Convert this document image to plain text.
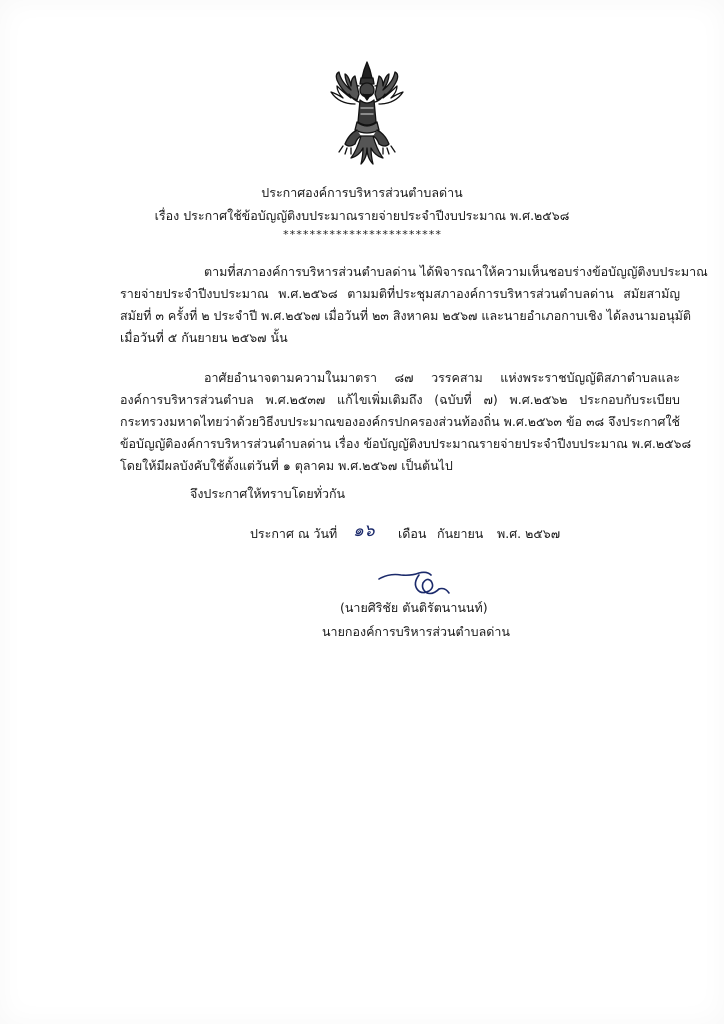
ประกาศองค์การบริหารส่วนตำบลด่าน
เรื่อง ประกาศใช้ข้อบัญญัติงบประมาณรายจ่ายประจำปีงบประมาณ พ.ศ.๒๕๖๘
************************
ตามที่สภาองค์การบริหารส่วนตำบลด่าน ได้พิจารณาให้ความเห็นชอบร่างข้อบัญญัติงบประมาณ
รายจ่ายประจำปีงบประมาณ พ.ศ.๒๕๖๘ ตามมติที่ประชุมสภาองค์การบริหารส่วนตำบลด่าน สมัยสามัญ
สมัยที่ ๓ ครั้งที่ ๒ ประจำปี พ.ศ.๒๕๖๗ เมื่อวันที่ ๒๓ สิงหาคม ๒๕๖๗ และนายอำเภอกาบเชิง ได้ลงนามอนุมัติ
เมื่อวันที่ ๕ กันยายน ๒๕๖๗ นั้น
อาศัยอำนาจตามความในมาตรา ๘๗ วรรคสาม แห่งพระราชบัญญัติสภาตำบลและ
องค์การบริหารส่วนตำบล พ.ศ.๒๕๓๗ แก้ไขเพิ่มเติมถึง (ฉบับที่ ๗) พ.ศ.๒๕๖๒ ประกอบกับระเบียบ
กระทรวงมหาดไทยว่าด้วยวิธีงบประมาณขององค์กรปกครองส่วนท้องถิ่น พ.ศ.๒๕๖๓ ข้อ ๓๘ จึงประกาศใช้
ข้อบัญญัติองค์การบริหารส่วนตำบลด่าน เรื่อง ข้อบัญญัติงบประมาณรายจ่ายประจำปีงบประมาณ พ.ศ.๒๕๖๘
โดยให้มีผลบังคับใช้ตั้งแต่วันที่ ๑ ตุลาคม พ.ศ.๒๕๖๗ เป็นต้นไป
จึงประกาศให้ทราบโดยทั่วกัน
ประกาศ ณ วันที่ ๑๖ เดือน กันยายน พ.ศ. ๒๕๖๗
(นายศิริชัย ตันติรัตนานนท์)
นายกองค์การบริหารส่วนตำบลด่าน
